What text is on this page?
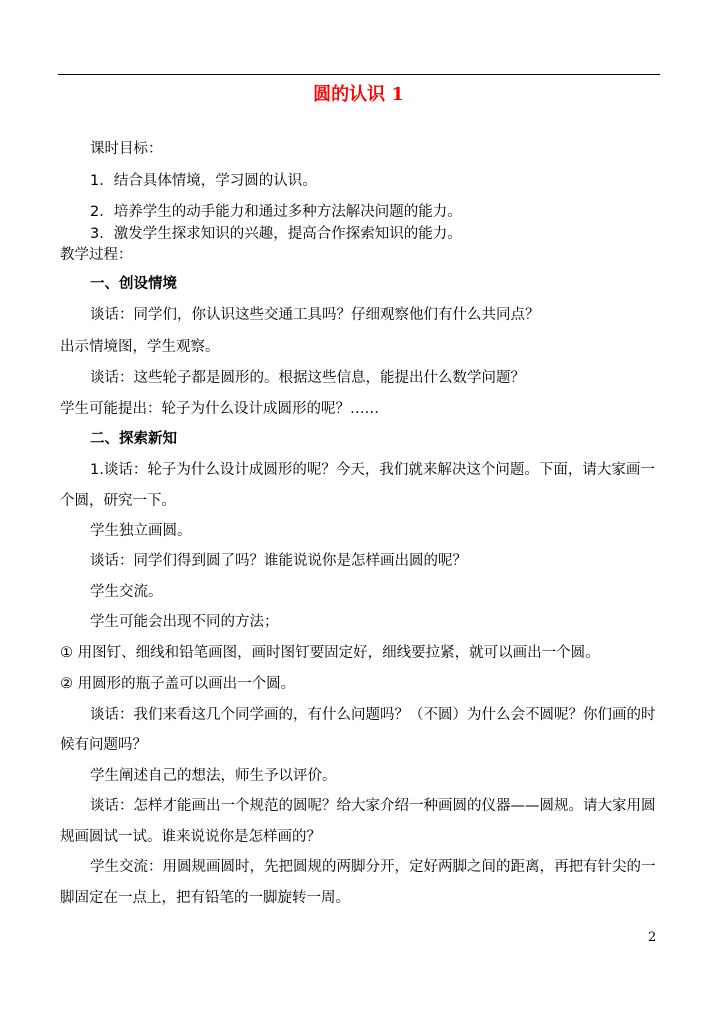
圆的认识 1
课时目标：
1．结合具体情境，学习圆的认识。
2．培养学生的动手能力和通过多种方法解决问题的能力。
3．激发学生探求知识的兴趣，提高合作探索知识的能力。
教学过程：
一、创设情境
谈话：同学们，你认识这些交通工具吗？仔细观察他们有什么共同点？
出示情境图，学生观察。
谈话：这些轮子都是圆形的。根据这些信息，能提出什么数学问题？
学生可能提出：轮子为什么设计成圆形的呢？……
二、探索新知
1.谈话：轮子为什么设计成圆形的呢？今天，我们就来解决这个问题。下面，请大家画一
个圆，研究一下。
学生独立画圆。
谈话：同学们得到圆了吗？谁能说说你是怎样画出圆的呢？
学生交流。
学生可能会出现不同的方法；
① 用图钉、细线和铅笔画图，画时图钉要固定好，细线要拉紧，就可以画出一个圆。
② 用圆形的瓶子盖可以画出一个圆。
谈话：我们来看这几个同学画的，有什么问题吗？（不圆）为什么会不圆呢？你们画的时
候有问题吗？
学生阐述自己的想法，师生予以评价。
谈话：怎样才能画出一个规范的圆呢？给大家介绍一种画圆的仪器——圆规。请大家用圆
规画圆试一试。谁来说说你是怎样画的？
学生交流：用圆规画圆时，先把圆规的两脚分开，定好两脚之间的距离，再把有针尖的一
脚固定在一点上，把有铅笔的一脚旋转一周。
2
